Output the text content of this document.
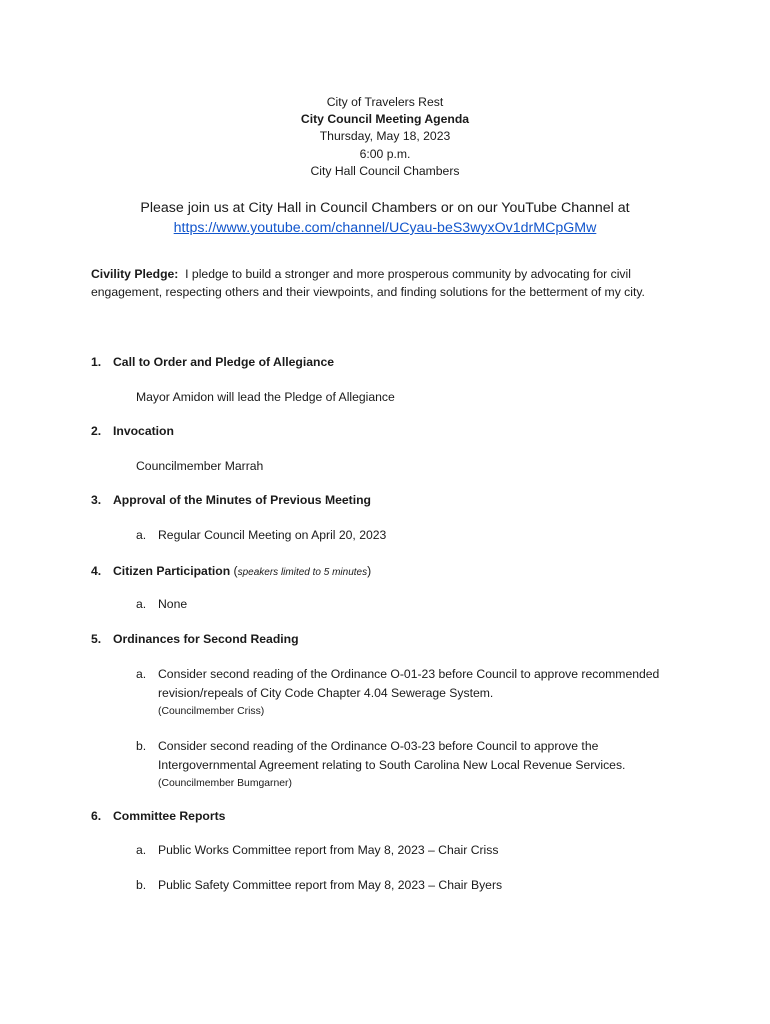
City of Travelers Rest
City Council Meeting Agenda
Thursday, May 18, 2023
6:00 p.m.
City Hall Council Chambers
Please join us at City Hall in Council Chambers or on our YouTube Channel at
https://www.youtube.com/channel/UCyau-beS3wyxOv1drMCpGMw
Civility Pledge: I pledge to build a stronger and more prosperous community by advocating for civil engagement, respecting others and their viewpoints, and finding solutions for the betterment of my city.
1. Call to Order and Pledge of Allegiance
Mayor Amidon will lead the Pledge of Allegiance
2. Invocation
Councilmember Marrah
3. Approval of the Minutes of Previous Meeting
a. Regular Council Meeting on April 20, 2023
4. Citizen Participation (speakers limited to 5 minutes)
a. None
5. Ordinances for Second Reading
a. Consider second reading of the Ordinance O-01-23 before Council to approve recommended revision/repeals of City Code Chapter 4.04 Sewerage System.
(Councilmember Criss)
b. Consider second reading of the Ordinance O-03-23 before Council to approve the Intergovernmental Agreement relating to South Carolina New Local Revenue Services.
(Councilmember Bumgarner)
6. Committee Reports
a. Public Works Committee report from May 8, 2023 – Chair Criss
b. Public Safety Committee report from May 8, 2023 – Chair Byers
